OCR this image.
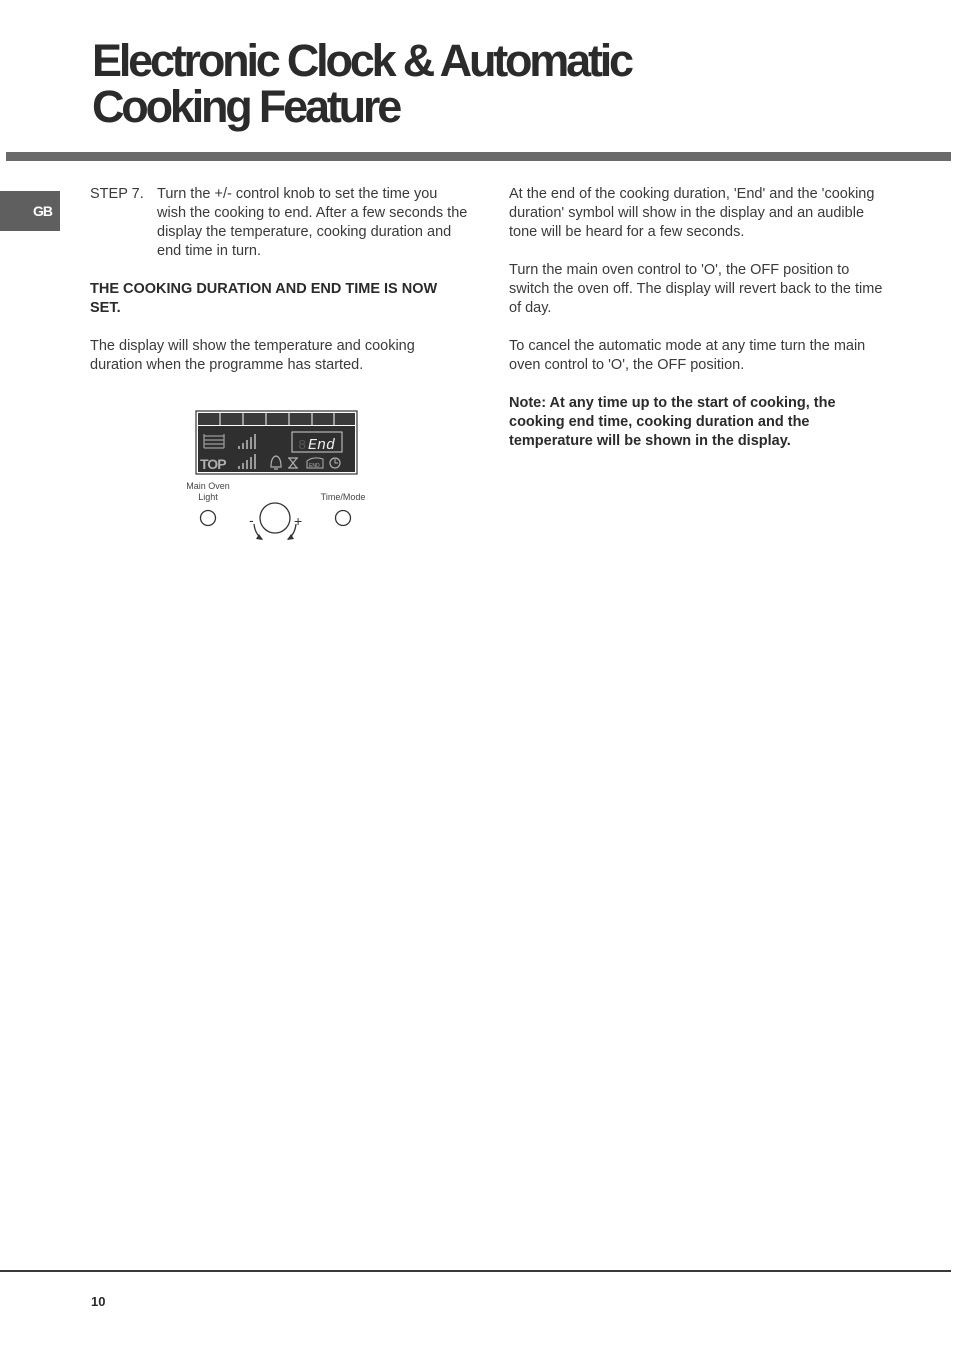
Electronic Clock & Automatic
Cooking Feature
GB

STEP 7. Turn the +/- control knob to set the time you wish the cooking to end. After a few seconds the display the temperature, cooking duration and end time in turn.

THE COOKING DURATION AND END TIME IS NOW SET.

The display will show the temperature and cooking duration when the programme has started.

8 End
TOP	END
Main Oven
Light	Time/Mode
-	+

At the end of the cooking duration, 'End' and the 'cooking duration' symbol will show in the display and an audible tone will be heard for a few seconds.

Turn the main oven control to 'O', the OFF position to switch the oven off. The display will revert back to the time of day.

To cancel the automatic mode at any time turn the main oven control to 'O', the OFF position.

Note: At any time up to the start of cooking, the cooking end time, cooking duration and the temperature will be shown in the display.

10
